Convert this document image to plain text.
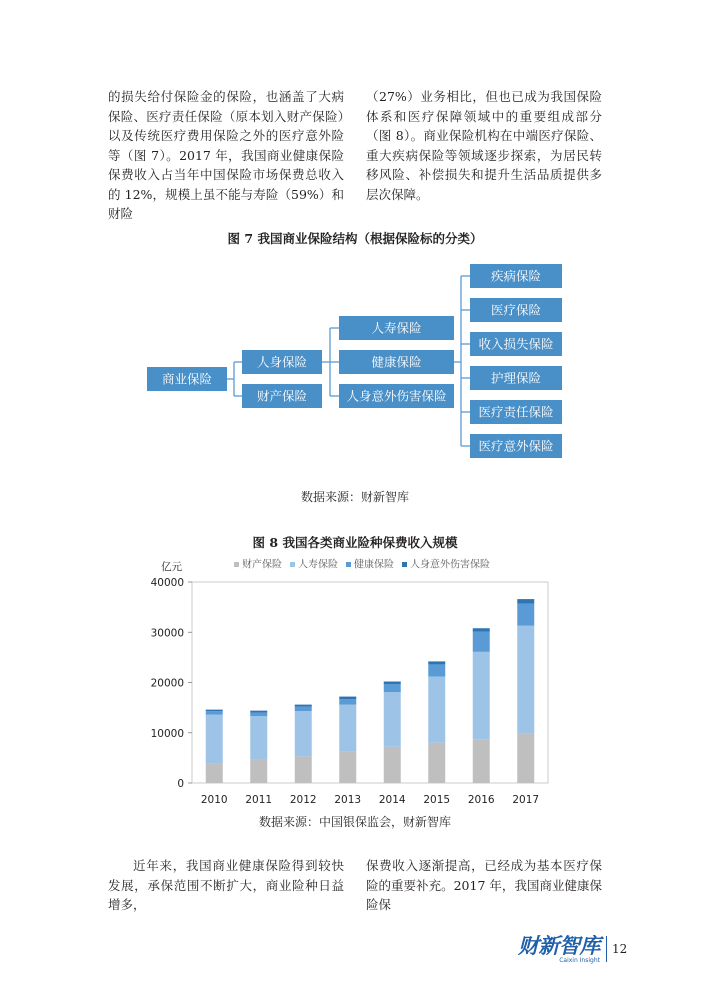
的损失给付保险金的保险，也涵盖了大病保险、医疗责任保险（原本划入财产保险）以及传统医疗费用保险之外的医疗意外险等（图 7）。2017 年，我国商业健康保险保费收入占当年中国保险市场保费总收入的 12%，规模上虽不能与寿险（59%）和财险

（27%）业务相比，但也已成为我国保险体系和医疗保障领域中的重要组成部分（图 8）。商业保险机构在中端医疗保险、重大疾病保险等领域逐步探索，为居民转移风险、补偿损失和提升生活品质提供多层次保障。

图 7 我国商业保险结构（根据保险标的分类）
商业保险
人身保险
财产保险
人寿保险
健康保险
人身意外伤害保险
疾病保险
医疗保险
收入损失保险
护理保险
医疗责任保险
医疗意外保险
数据来源：财新智库
图 8 我国各类商业险种保费收入规模
40000
30000
20000
10000
0
亿元	财产保险 人寿保险 健康保险 人身意外伤害保险
2010 2011 2012 2013 2014 2015 2016 2017
数据来源：中国银保监会，财新智库

近年来，我国商业健康保险得到较快发展，承保范围不断扩大，商业险种日益增多，

保费收入逐渐提高，已经成为基本医疗保险的重要补充。2017 年，我国商业健康保险保

财新智库
Caixin Insight
12
